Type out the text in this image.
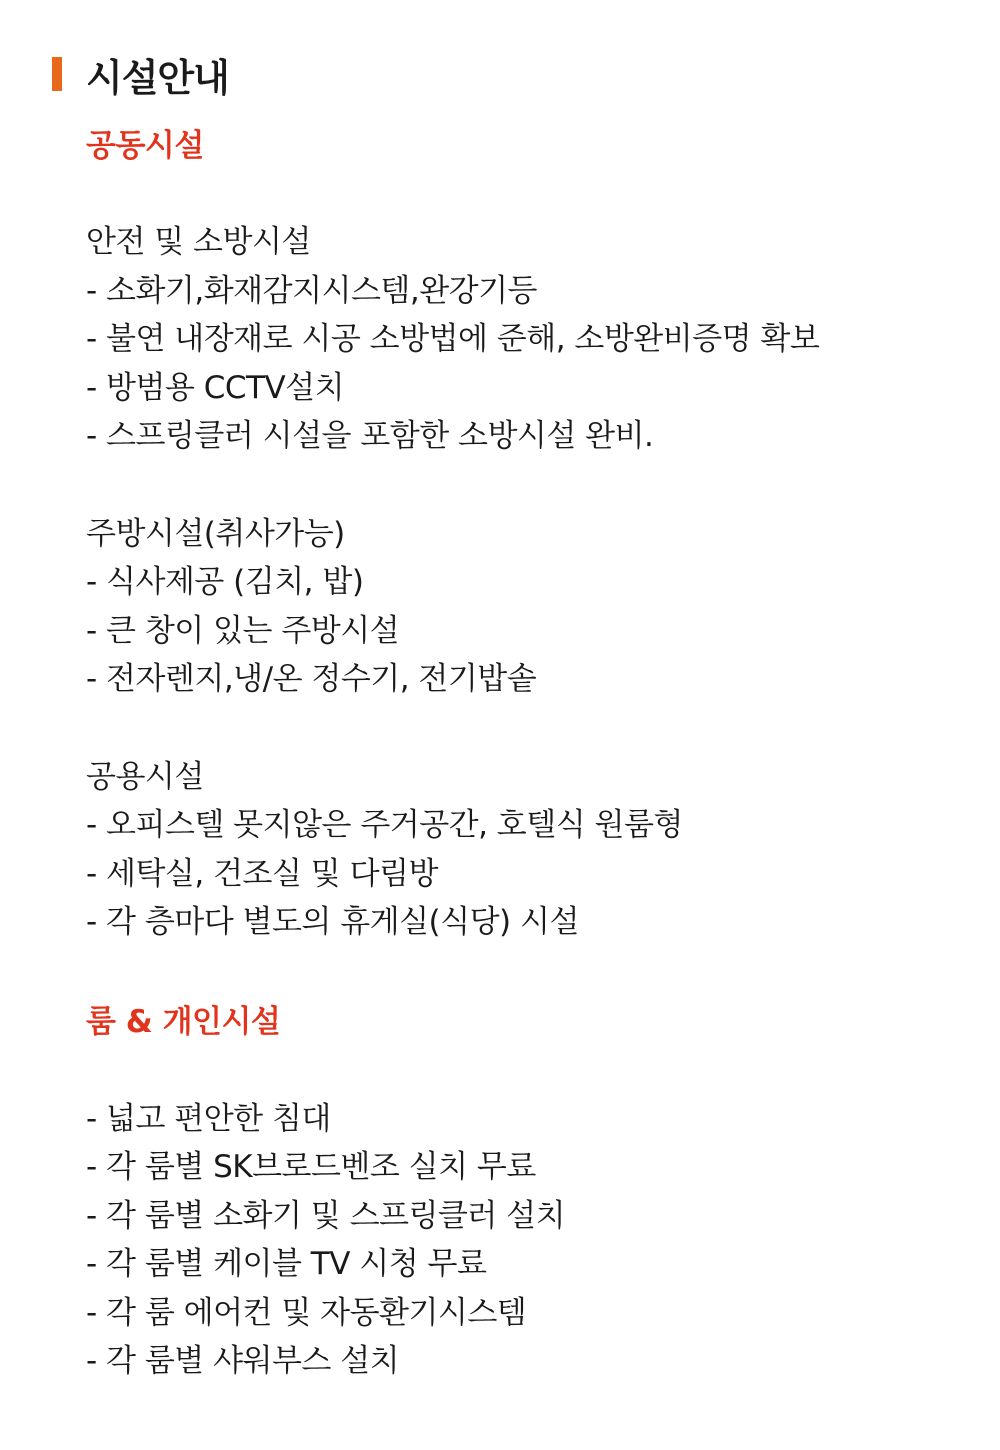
시설안내
공동시설
안전 및 소방시설
- 소화기,화재감지시스템,완강기등
- 불연 내장재로 시공 소방법에 준해, 소방완비증명 확보
- 방범용 CCTV설치
- 스프링클러 시설을 포함한 소방시설 완비.
주방시설(취사가능)
- 식사제공 (김치, 밥)
- 큰 창이 있는 주방시설
- 전자렌지,냉/온 정수기, 전기밥솥
공용시설
- 오피스텔 못지않은 주거공간, 호텔식 원룸형
- 세탁실, 건조실 및 다림방
- 각 층마다 별도의 휴게실(식당) 시설
룸 & 개인시설
- 넓고 편안한 침대
- 각 룸별 SK브로드벤조 실치 무료
- 각 룸별 소화기 및 스프링클러 설치
- 각 룸별 케이블 TV 시청 무료
- 각 룸 에어컨 및 자동환기시스템
- 각 룸별 샤워부스 설치
